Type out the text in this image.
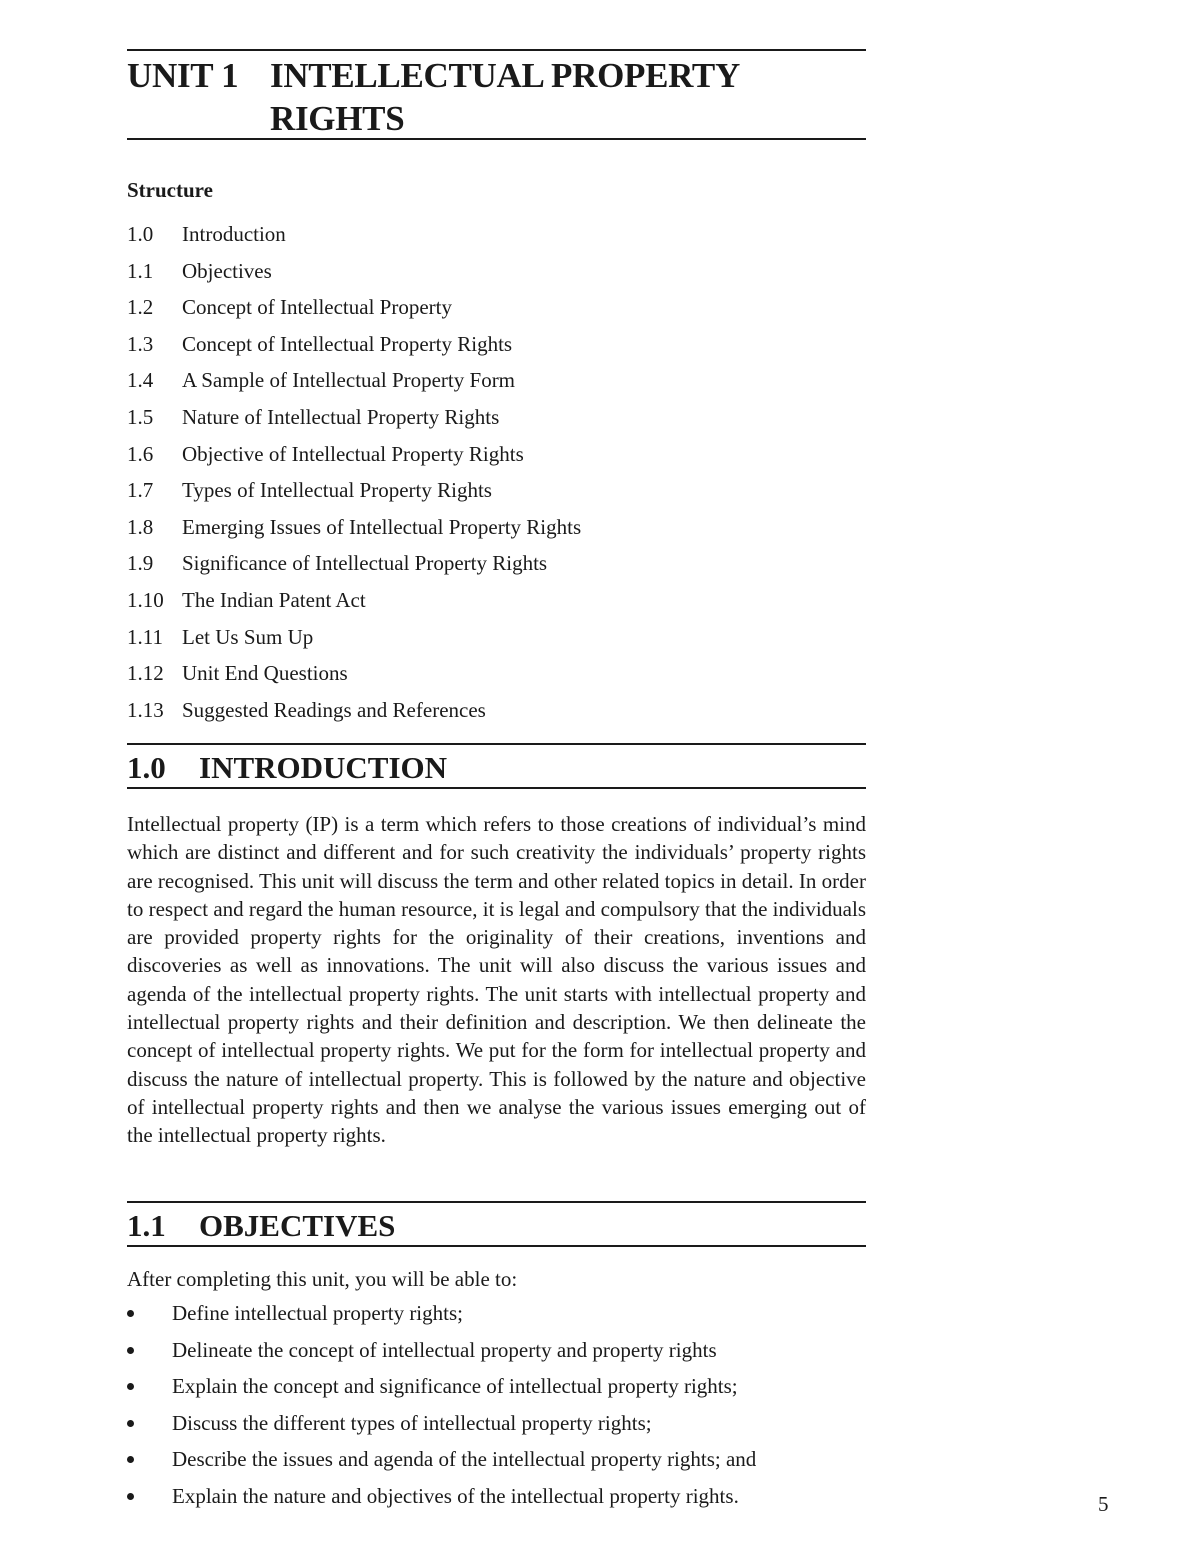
UNIT 1 INTELLECTUAL PROPERTY RIGHTS
Structure
1.0 Introduction
1.1 Objectives
1.2 Concept of Intellectual Property
1.3 Concept of Intellectual Property Rights
1.4 A Sample of Intellectual Property Form
1.5 Nature of Intellectual Property Rights
1.6 Objective of Intellectual Property Rights
1.7 Types of Intellectual Property Rights
1.8 Emerging Issues of Intellectual Property Rights
1.9 Significance of Intellectual Property Rights
1.10 The Indian Patent Act
1.11 Let Us Sum Up
1.12 Unit End Questions
1.13 Suggested Readings and References
1.0 INTRODUCTION
Intellectual property (IP) is a term which refers to those creations of individual’s mind which are distinct and different and for such creativity the individuals’ property rights are recognised. This unit will discuss the term and other related topics in detail. In order to respect and regard the human resource, it is legal and compulsory that the individuals are provided property rights for the originality of their creations, inventions and discoveries as well as innovations. The unit will also discuss the various issues and agenda of the intellectual property rights. The unit starts with intellectual property and intellectual property rights and their definition and description. We then delineate the concept of intellectual property rights. We put for the form for intellectual property and discuss the nature of intellectual property. This is followed by the nature and objective of intellectual property rights and then we analyse the various issues emerging out of the intellectual property rights.
1.1 OBJECTIVES
After completing this unit, you will be able to:
Define intellectual property rights;
Delineate the concept of intellectual property and property rights
Explain the concept and significance of intellectual property rights;
Discuss the different types of intellectual property rights;
Describe the issues and agenda of the intellectual property rights; and
Explain the nature and objectives of the intellectual property rights.	5
